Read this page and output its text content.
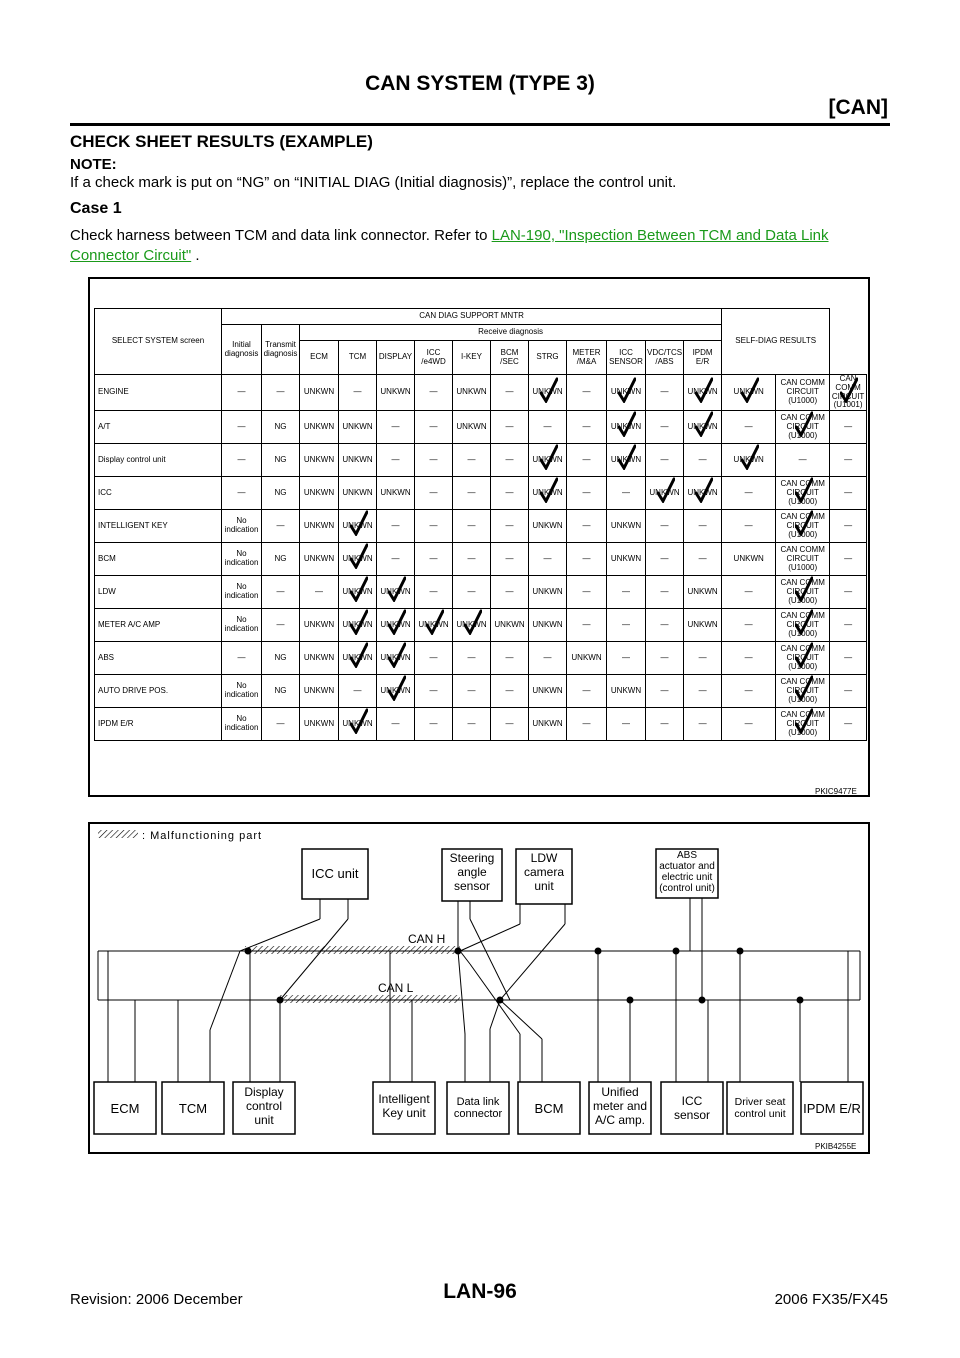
CAN SYSTEM (TYPE 3)
[CAN]
CHECK SHEET RESULTS (EXAMPLE)
NOTE:
If a check mark is put on “NG” on “INITIAL DIAG (Initial diagnosis)”, replace the control unit.
Case 1
Check harness between TCM and data link connector. Refer to LAN-190, "Inspection Between TCM and Data Link Connector Circuit" .
SELECT SYSTEM screen	CAN DIAG SUPPORT MNTR													SELF-DIAG RESULTS		
	Initial diagnosis	Transmit diagnosis	Receive diagnosis													
			ECM	TCM	DISPLAY	ICC /e4WD	I-KEY	BCM /SEC	STRG	METER /M&A	ICC SENSOR	VDC/TCS /ABS	IPDM E/R			
ENGINE	—	—	UNKWN	—	UNKWN	—	UNKWN	—	UNKWN	—	UNKWN	—	UNKWN	UNKWN	CAN COMM CIRCUIT (U1000)	CAN COMM CIRCUIT (U1001)
A/T	—	NG	UNKWN	UNKWN	—	—	UNKWN	—	—	—	UNKWN	—	UNKWN	—	CAN COMM CIRCUIT (U1000)	—
Display control unit	—	NG	UNKWN	UNKWN	—	—	—	—	UNKWN	—	UNKWN	—	—	UNKWN	—	—
ICC	—	NG	UNKWN	UNKWN	UNKWN	—	—	—	UNKWN	—	—	UNKWN	UNKWN	—	CAN COMM CIRCUIT (U1000)	—
INTELLIGENT KEY	No indication	—	UNKWN	UNKWN	—	—	—	—	UNKWN	—	UNKWN	—	—	—	CAN COMM CIRCUIT (U1000)	—
BCM	No indication	NG	UNKWN	UNKWN	—	—	—	—	—	—	UNKWN	—	—	UNKWN	CAN COMM CIRCUIT (U1000)	—
LDW	No indication	—	—	UNKWN	UNKWN	—	—	—	UNKWN	—	—	—	UNKWN	—	CAN COMM CIRCUIT (U1000)	—
METER A/C AMP	No indication	—	UNKWN	UNKWN	UNKWN	UNKWN	UNKWN	UNKWN	UNKWN	—	—	—	UNKWN	—	CAN COMM CIRCUIT (U1000)	—
ABS	—	NG	UNKWN	UNKWN	UNKWN	—	—	—	—	UNKWN	—	—	—	—	CAN COMM CIRCUIT (U1000)	—
AUTO DRIVE POS.	No indication	NG	UNKWN	—	UNKWN	—	—	—	UNKWN	—	UNKWN	—	—	—	CAN COMM CIRCUIT (U1000)	—
IPDM E/R	No indication	—	UNKWN	UNKWN	—	—	—	—	UNKWN	—	—	—	—	—	CAN COMM CIRCUIT (U1000)	—
PKIC9477E
: Malfunctioning part
CAN H
CAN L
ICC unit
Steering angle sensor
LDW camera unit
ABS actuator and electric unit (control unit)
ECM	TCM
Display control unit
Intelligent Key unit
Data link connector BCM
Unified meter and A/C amp.
ICC sensor
Driver seat control unit IPDM E/R
PKIB4255E
Revision: 2006 December	LAN-96	2006 FX35/FX45
